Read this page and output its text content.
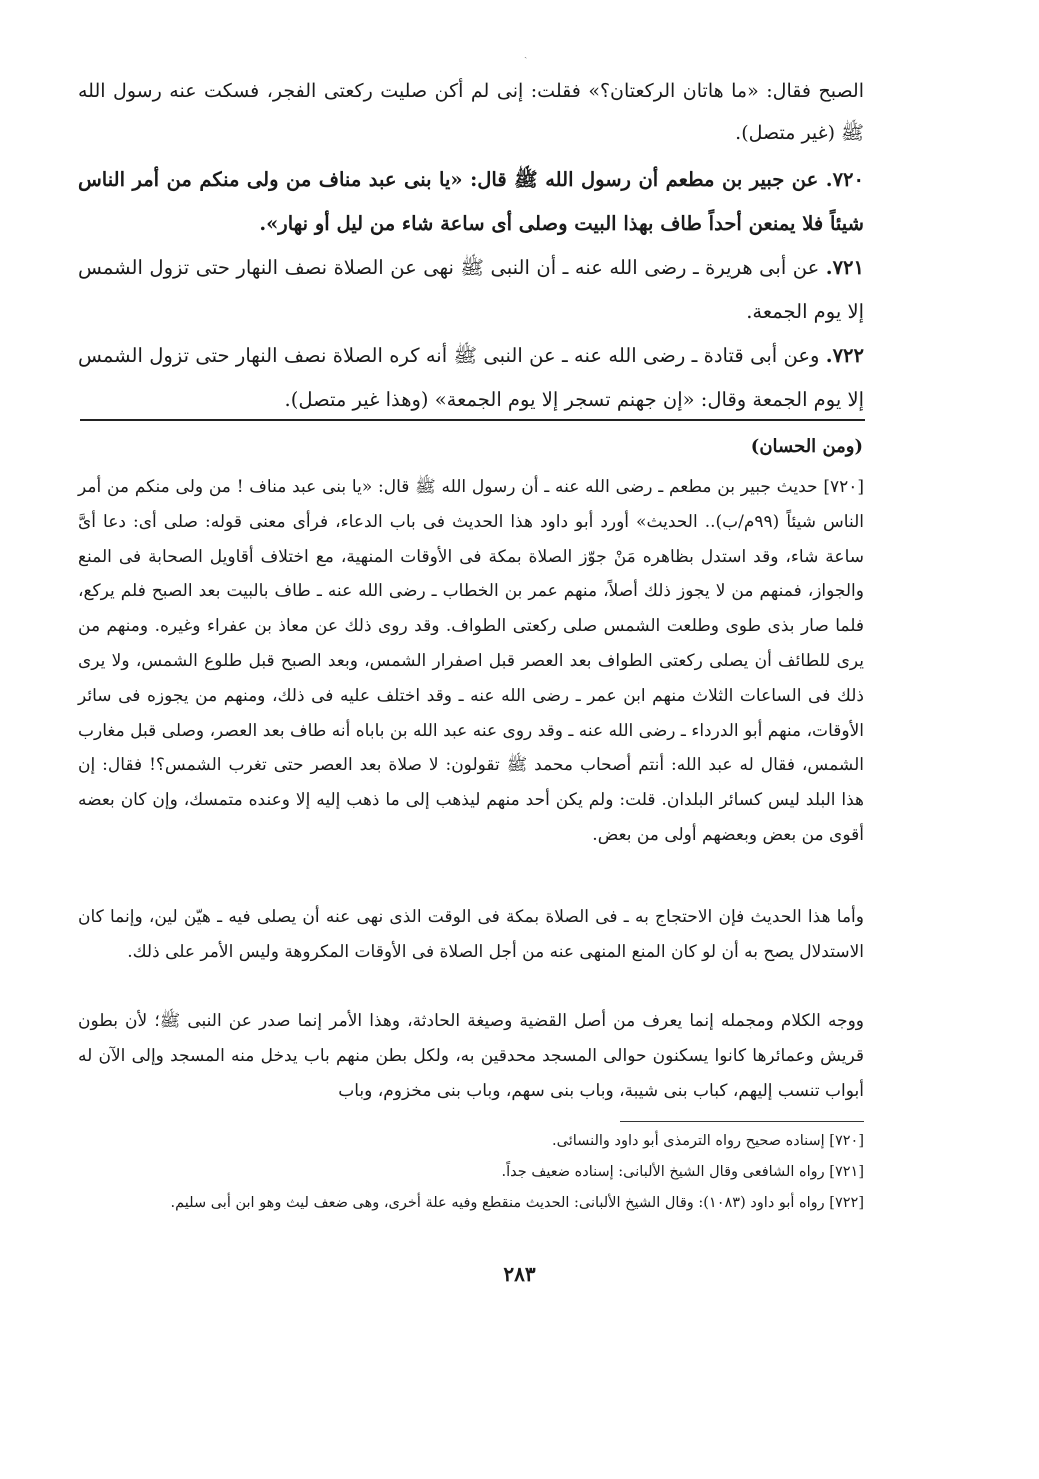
ˎ

الصبح فقال: «ما هاتان الركعتان؟» فقلت: إنى لم أكن صليت ركعتى الفجر، فسكت عنه رسول الله ﷺ (غير متصل).

٧٢٠. عن جبير بن مطعم أن رسول الله ﷺ قال: «يا بنى عبد مناف من ولى منكم من أمر الناس شيئاً فلا يمنعن أحداً طاف بهذا البيت وصلى أى ساعة شاء من ليل أو نهار».

٧٢١. عن أبى هريرة ـ رضى الله عنه ـ أن النبى ﷺ نهى عن الصلاة نصف النهار حتى تزول الشمس إلا يوم الجمعة.

٧٢٢. وعن أبى قتادة ـ رضى الله عنه ـ عن النبى ﷺ أنه كره الصلاة نصف النهار حتى تزول الشمس إلا يوم الجمعة وقال: «إن جهنم تسجر إلا يوم الجمعة» (وهذا غير متصل).

(ومن الحسان)

[٧٢٠] حديث جبير بن مطعم ـ رضى الله عنه ـ أن رسول الله ﷺ قال: «يا بنى عبد مناف ! من ولى منكم من أمر الناس شيئاً (٩٩م/ب).. الحديث» أورد أبو داود هذا الحديث فى باب الدعاء، فرأى معنى قوله: صلى أى: دعا أىَّ ساعة شاء، وقد استدل بظاهره مَنْ جوّز الصلاة بمكة فى الأوقات المنهية، مع اختلاف أقاويل الصحابة فى المنع والجواز، فمنهم من لا يجوز ذلك أصلاً، منهم عمر بن الخطاب ـ رضى الله عنه ـ طاف بالبيت بعد الصبح فلم يركع، فلما صار بذى طوى وطلعت الشمس صلى ركعتى الطواف. وقد روى ذلك عن معاذ بن عفراء وغيره. ومنهم من يرى للطائف أن يصلى ركعتى الطواف بعد العصر قبل اصفرار الشمس، وبعد الصبح قبل طلوع الشمس، ولا يرى ذلك فى الساعات الثلاث منهم ابن عمر ـ رضى الله عنه ـ وقد اختلف عليه فى ذلك، ومنهم من يجوزه فى سائر الأوقات، منهم أبو الدرداء ـ رضى الله عنه ـ وقد روى عنه عبد الله بن باباه أنه طاف بعد العصر، وصلى قبل مغارب الشمس، فقال له عبد الله: أنتم أصحاب محمد ﷺ تقولون: لا صلاة بعد العصر حتى تغرب الشمس؟! فقال: إن هذا البلد ليس كسائر البلدان. قلت: ولم يكن أحد منهم ليذهب إلى ما ذهب إليه إلا وعنده متمسك، وإن كان بعضه أقوى من بعض وبعضهم أولى من بعض.

وأما هذا الحديث فإن الاحتجاج به ـ فى الصلاة بمكة فى الوقت الذى نهى عنه أن يصلى فيه ـ هيّن لين، وإنما كان الاستدلال يصح به أن لو كان المنع المنهى عنه من أجل الصلاة فى الأوقات المكروهة وليس الأمر على ذلك.

ووجه الكلام ومجمله إنما يعرف من أصل القضية وصيغة الحادثة، وهذا الأمر إنما صدر عن النبى ﷺ؛ لأن بطون قريش وعمائرها كانوا يسكنون حوالى المسجد محدقين به، ولكل بطن منهم باب يدخل منه المسجد وإلى الآن له أبواب تنسب إليهم، كباب بنى شيبة، وباب بنى سهم، وباب بنى مخزوم، وباب

[٧٢٠] إسناده صحيح رواه الترمذى أبو داود والنسائى.

[٧٢١] رواه الشافعى وقال الشيخ الألبانى: إسناده ضعيف جداً.

[٧٢٢] رواه أبو داود (١٠٨٣): وقال الشيخ الألبانى: الحديث منقطع وفيه علة أخرى، وهى ضعف ليث وهو ابن أبى سليم.

٢٨٣
